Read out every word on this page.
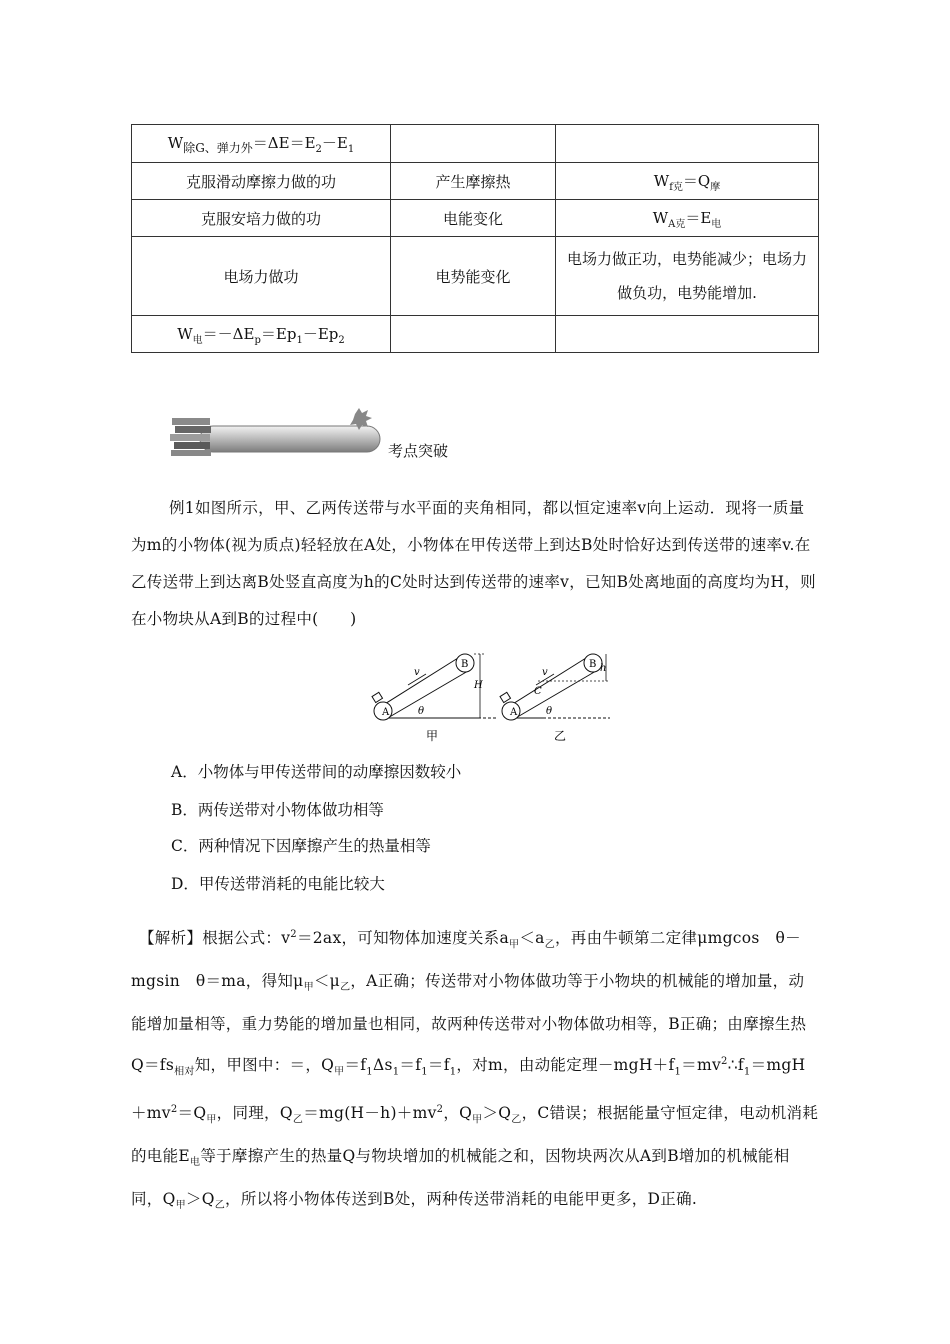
$W_{除G、弹力外}=\Delta E=E_2-E_1$		
克服滑动摩擦力做的功	产生摩擦热	$W_{f克}=Q_摩$
克服安培力做的功	电能变化	$W_{A克}=E_电$
电场力做功	电势能变化	电场力做正功，电势能减少；电场力做负功，电势能增加.
$W_电=-\Delta E_p=Ep_1-Ep_2$		
考点突破
例1如图所示，甲、乙两传送带与水平面的夹角相同，都以恒定速率v向上运动．现将一质量为m的小物体(视为质点)轻轻放在A处，小物体在甲传送带上到达B处时恰好达到传送带的速率v.在乙传送带上到达离B处竖直高度为h的C处时达到传送带的速率v，已知B处离地面的高度均为H，则在小物块从A到B的过程中(　　)
A
B
v
H
θ
甲
A
B
v
C
h
θ
乙
A．小物体与甲传送带间的动摩擦因数较小
B．两传送带对小物体做功相等
C．两种情况下因摩擦产生的热量相等
D．甲传送带消耗的电能比较大
【解析】根据公式：$v^2=2ax$，可知物体加速度关系$a_甲<a_乙$，再由牛顿第二定律μmgcos　θ－mgsin　θ＝ma，得知$\mu_甲<\mu_乙$，A正确；传送带对小物体做功等于小物块的机械能的增加量，动能增加量相等，重力势能的增加量也相同，故两种传送带对小物体做功相等，B正确；由摩擦生热$Q=fs_{相对}$知，甲图中：＝，$Q_甲=f_1\Delta s_1=f_1=f_1$，对m，由动能定理$-mgH+f_1=mv^2\therefore f_1=mgH+mv^2=Q_甲$，同理，$Q_乙=mg(H-h)+mv^2$，$Q_甲>Q_乙$，C错误；根据能量守恒定律，电动机消耗的电能$E_电$等于摩擦产生的热量Q与物块增加的机械能之和，因物块两次从A到B增加的机械能相同，$Q_甲>Q_乙$，所以将小物体传送到B处，两种传送带消耗的电能甲更多，D正确.
